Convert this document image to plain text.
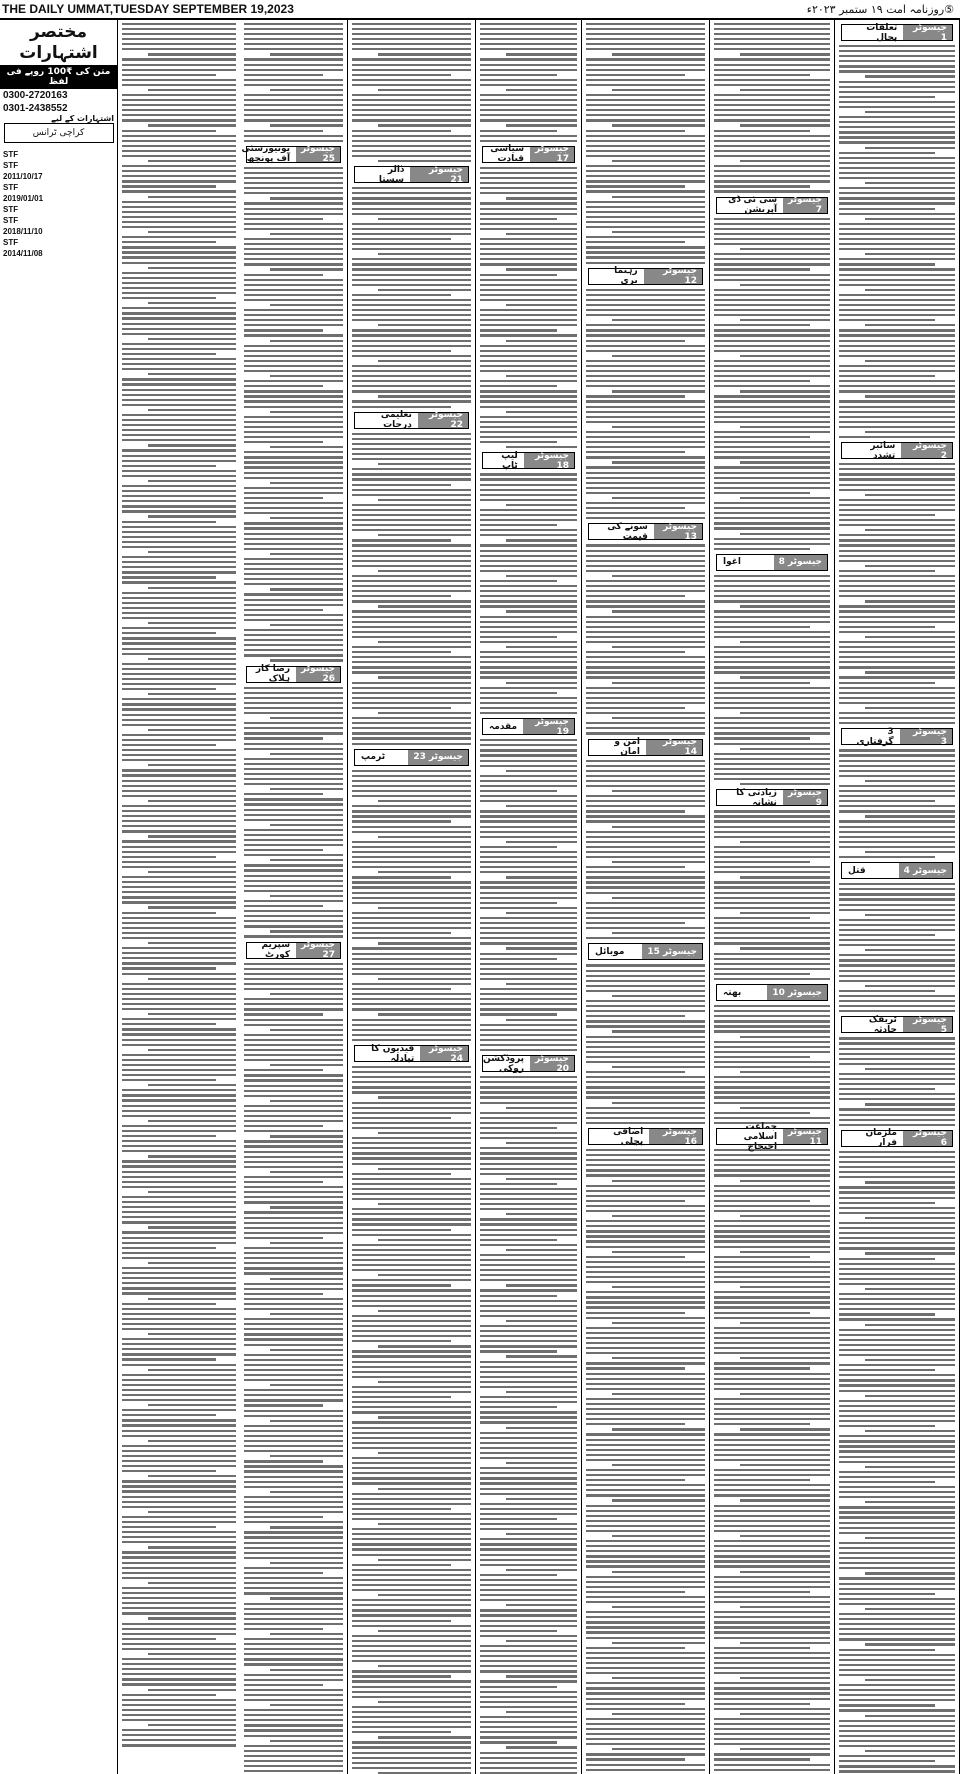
THE DAILY UMMAT,TUESDAY SEPTEMBER 19,2023	⑤روزنامہ امت ۱۹ ستمبر ۲۰۲۳ء
مختصر اشتہارات
متن کی ₹100 روپے فی لفظ
0300-2720163
0301-2438552
اشتہارات کے لیے
کراچی ٹرانس
STF
STF
2011/10/17
STF
2019/01/01
STF
STF
2018/11/10
STF
2014/11/08
جیسوٹر 1
تعلقات بحال
جیسوٹر 2
سائبر تشدد
جیسوٹر 3
3 گرفتاری
جیسوٹر 4
قتل
جیسوٹر 5
ٹریفک حادثہ
جیسوٹر 6
ملزمان فرار
جیسوٹر 7
سی ٹی ڈی آپریشن
جیسوٹر 8
اغوا
جیسوٹر 9
زیادتی کا نشانہ
جیسوٹر 10
بھتہ
جیسوٹر 11
جماعت اسلامی احتجاج
جیسوٹر 12
رہنما بری
جیسوٹر 13
سونے کی قیمت
جیسوٹر 14
امن و امان
جیسوٹر 15
موبائل
جیسوٹر 16
اضافی بجلی
جیسوٹر 17
سیاسی قیادت
جیسوٹر 18
لیپ ٹاپ
جیسوٹر 19
مقدمہ
جیسوٹر 20
پروڈکشن روکی
جیسوٹر 21
ڈالر سستا
جیسوٹر 22
تعلیمی درجات
جیسوٹر 23
ٹرمپ
جیسوٹر 24
قیدیوں کا تبادلہ
جیسوٹر 25
یونیورسٹی آف پونچھ
جیسوٹر 26
رضا کار ہلاک
جیسوٹر 27
سپریم کورٹ
